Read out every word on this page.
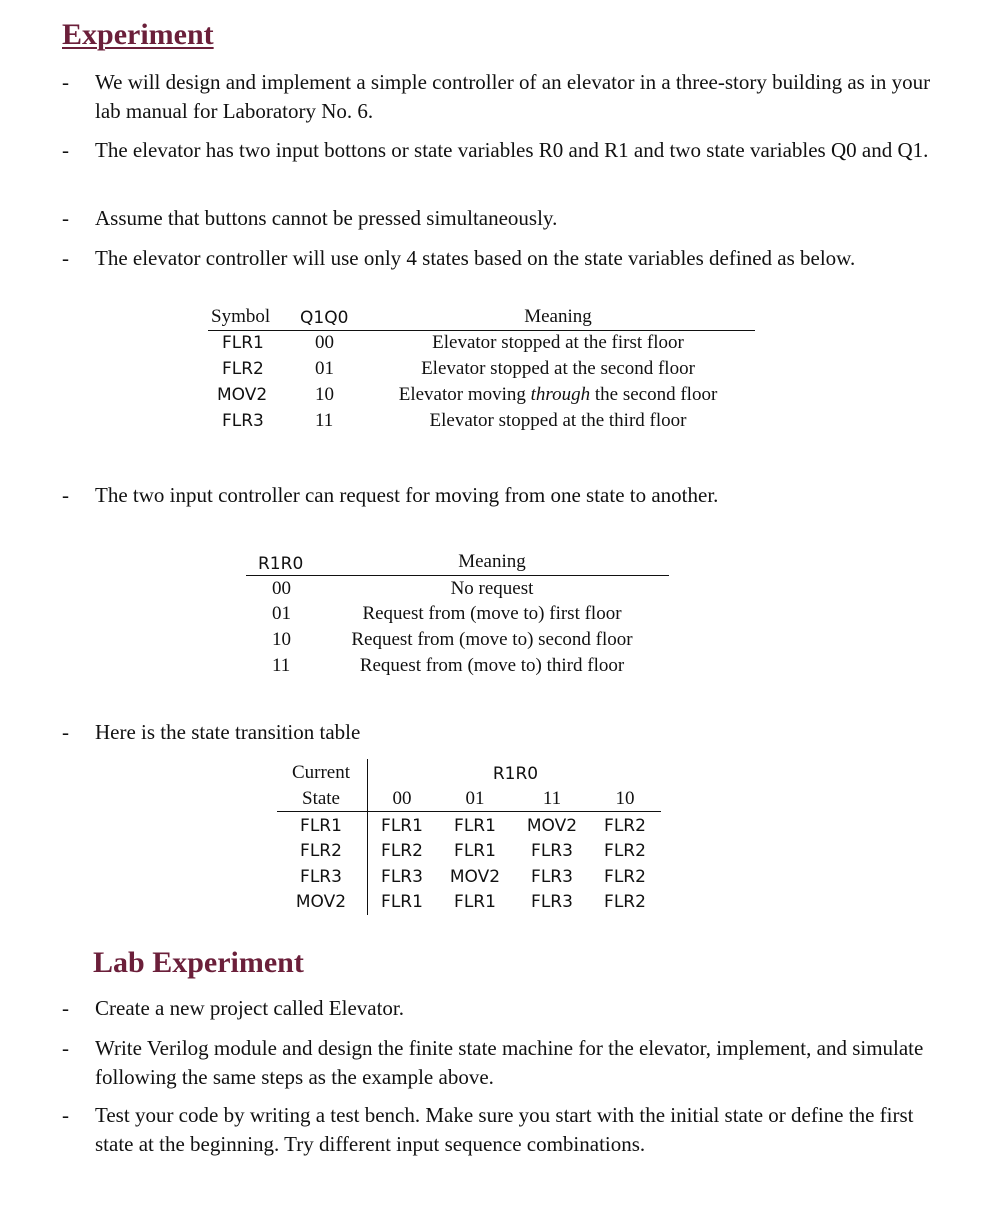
Experiment
- We will design and implement a simple controller of an elevator in a three-story building as in your lab manual for Laboratory No. 6.
- The elevator has two input bottons or state variables R0 and R1 and two state variables Q0 and Q1.
- Assume that buttons cannot be pressed simultaneously.
- The elevator controller will use only 4 states based on the state variables defined as below.
Symbol Q1Q0	Meaning
FLR1	00	Elevator stopped at the first floor
FLR2	01	Elevator stopped at the second floor
MOV2	10	Elevator moving through the second floor
FLR3	11	Elevator stopped at the third floor
- The two input controller can request for moving from one state to another.
R1R0	Meaning
00	No request
01	Request from (move to) first floor
10	Request from (move to) second floor
11	Request from (move to) third floor
- Here is the state transition table
Current	R1R0
State	00	01	11	10
FLR1	FLR1	FLR1	MOV2	FLR2
FLR2	FLR2	FLR1	FLR3	FLR2
FLR3	FLR3	MOV2	FLR3	FLR2
MOV2	FLR1	FLR1	FLR3	FLR2
Lab Experiment
- Create a new project called Elevator.
- Write Verilog module and design the finite state machine for the elevator, implement, and simulate following the same steps as the example above.
- Test your code by writing a test bench. Make sure you start with the initial state or define the first state at the beginning. Try different input sequence combinations.
